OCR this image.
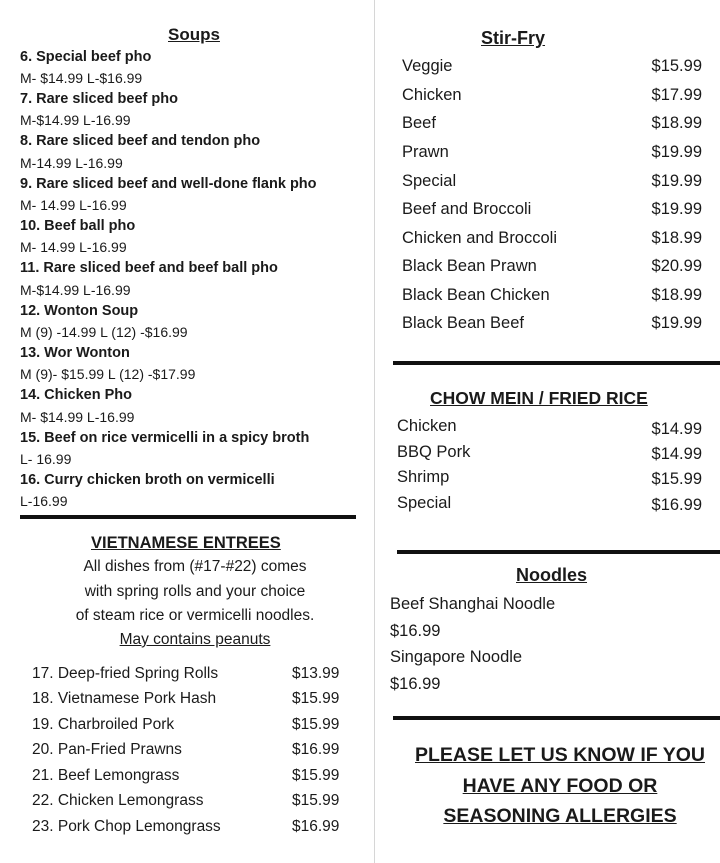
Soups
6. Special beef pho
M- $14.99 L-$16.99
7. Rare sliced beef pho
M-$14.99 L-16.99
8. Rare sliced beef and tendon pho
M-14.99 L-16.99
9. Rare sliced beef and well-done flank pho
M- 14.99 L-16.99
10. Beef ball pho
M- 14.99 L-16.99
11. Rare sliced beef and beef ball pho
M-$14.99 L-16.99
12. Wonton Soup
M (9) -14.99 L (12) -$16.99
13. Wor Wonton
M (9)- $15.99 L (12) -$17.99
14. Chicken Pho
M- $14.99 L-16.99
15. Beef on rice vermicelli in a spicy broth
L- 16.99
16. Curry chicken broth on vermicelli
L-16.99
VIETNAMESE ENTREES
All dishes from (#17-#22) comes
with spring rolls and your choice
of steam rice or vermicelli noodles.
May contains peanuts
17. Deep-fried Spring Rolls	$13.99
18. Vietnamese Pork Hash	$15.99
19. Charbroiled Pork	$15.99
20. Pan-Fried Prawns	$16.99
21. Beef Lemongrass	$15.99
22. Chicken Lemongrass	$15.99
23. Pork Chop Lemongrass	$16.99
Stir-Fry
Veggie	$15.99
Chicken	$17.99
Beef	$18.99
Prawn	$19.99
Special	$19.99
Beef and Broccoli	$19.99
Chicken and Broccoli	$18.99
Black Bean Prawn	$20.99
Black Bean Chicken	$18.99
Black Bean Beef	$19.99
CHOW MEIN / FRIED RICE
Chicken	$14.99
BBQ Pork	$14.99
Shrimp	$15.99
Special	$16.99
Noodles
Beef Shanghai Noodle
$16.99
Singapore Noodle
$16.99
PLEASE LET US KNOW IF YOU
HAVE ANY FOOD OR
SEASONING ALLERGIES
